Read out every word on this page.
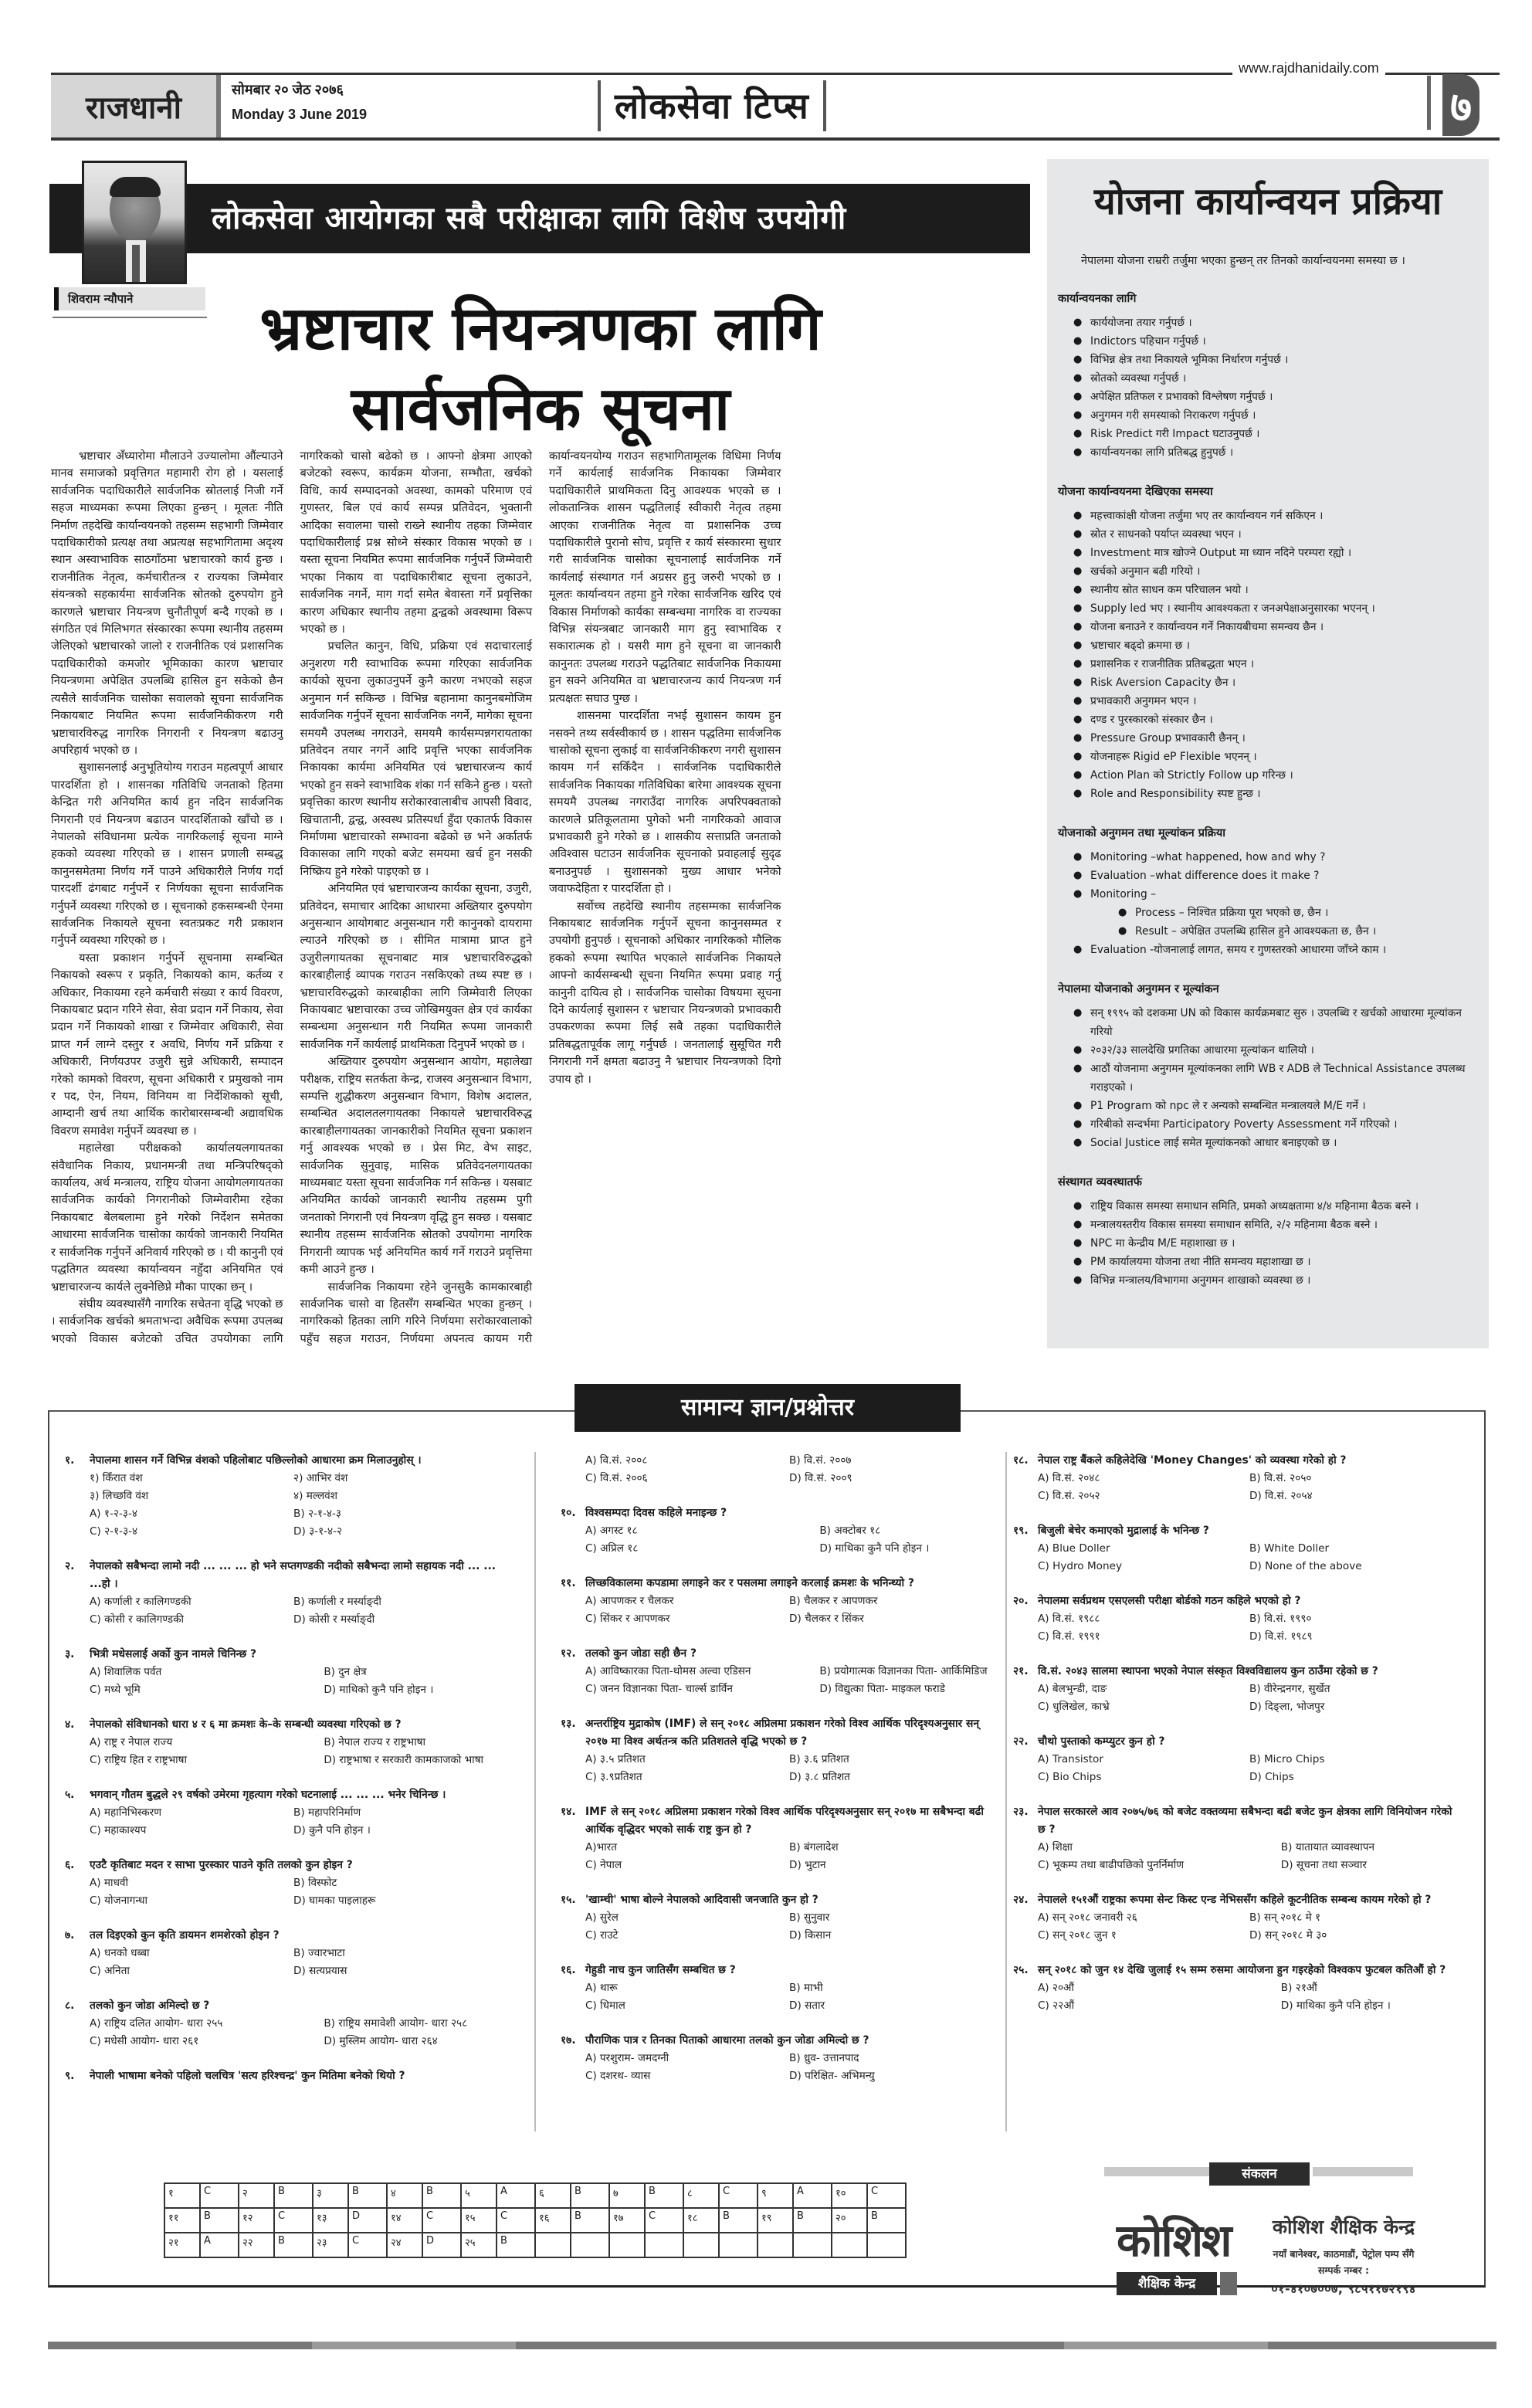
www.rajdhanidaily.com
राजधानी
सोमबार २० जेठ २०७६
Monday 3 June 2019	लोकसेवा टिप्स	७
लोकसेवा आयोगका सबै परीक्षाका लागि विशेष उपयोगी
शिवराम न्यौपाने	भ्रष्टाचार नियन्त्रणका लागि
सार्वजनिक सूचना

भ्रष्टाचार अँध्यारोमा मौलाउने उज्यालोमा औंल्याउने मानव समाजको प्रवृत्तिगत महामारी रोग हो । यसलाई सार्वजनिक पदाधिकारीले सार्वजनिक स्रोतलाई निजी गर्ने सहज माध्यमका रूपमा लिएका हुन्छन् । मूलतः नीति निर्माण तहदेखि कार्यान्वयनको तहसम्म सहभागी जिम्मेवार पदाधिकारीको प्रत्यक्ष तथा अप्रत्यक्ष सहभागितामा अदृश्य स्थान अस्वाभाविक साठगाँठमा भ्रष्टाचारको कार्य हुन्छ । राजनीतिक नेतृत्व, कर्मचारीतन्त्र र राज्यका जिम्मेवार संयन्त्रको सहकार्यमा सार्वजनिक स्रोतको दुरुपयोग हुने कारणले भ्रष्टाचार नियन्त्रण चुनौतीपूर्ण बन्दै गएको छ । संगठित एवं मिलिभगत संस्कारका रूपमा स्थानीय तहसम्म जेलिएको भ्रष्टाचारको जालो र राजनीतिक एवं प्रशासनिक पदाधिकारीको कमजोर भूमिकाका कारण भ्रष्टाचार नियन्त्रणमा अपेक्षित उपलब्धि हासिल हुन सकेको छैन त्यसैले सार्वजनिक चासोका सवालको सूचना सार्वजनिक निकायबाट नियमित रूपमा सार्वजनिकीकरण गरी भ्रष्टाचारविरुद्ध नागरिक निगरानी र नियन्त्रण बढाउनु अपरिहार्य भएको छ ।

सुशासनलाई अनुभूतियोग्य गराउन महत्वपूर्ण आधार पारदर्शिता हो । शासनका गतिविधि जनताको हितमा केन्द्रित गरी अनियमित कार्य हुन नदिन सार्वजनिक निगरानी एवं नियन्त्रण बढाउन पारदर्शिताको खाँचो छ । नेपालको संविधानमा प्रत्येक नागरिकलाई सूचना माग्ने हकको व्यवस्था गरिएको छ । शासन प्रणाली सम्बद्ध कानुनसमेतमा निर्णय गर्ने पाउने अधिकारीले निर्णय गर्दा पारदर्शी ढंगबाट गर्नुपर्ने र निर्णयका सूचना सार्वजनिक गर्नुपर्ने व्यवस्था गरिएको छ । सूचनाको हकसम्बन्धी ऐनमा सार्वजनिक निकायले सूचना स्वतःप्रकट गरी प्रकाशन गर्नुपर्ने व्यवस्था गरिएको छ ।

यस्ता प्रकाशन गर्नुपर्ने सूचनामा सम्बन्धित निकायको स्वरूप र प्रकृति, निकायको काम, कर्तव्य र अधिकार, निकायमा रहने कर्मचारी संख्या र कार्य विवरण, निकायबाट प्रदान गरिने सेवा, सेवा प्रदान गर्ने निकाय, सेवा प्रदान गर्ने निकायको शाखा र जिम्मेवार अधिकारी, सेवा प्राप्त गर्न लाग्ने दस्तुर र अवधि, निर्णय गर्ने प्रक्रिया र अधिकारी, निर्णयउपर उजुरी सुन्ने अधिकारी, सम्पादन गरेको कामको विवरण, सूचना अधिकारी र प्रमुखको नाम र पद, ऐन, नियम, विनियम वा निर्देशिकाको सूची, आम्दानी खर्च तथा आर्थिक कारोबारसम्बन्धी अद्यावधिक विवरण समावेश गर्नुपर्ने व्यवस्था छ ।

महालेखा परीक्षकको कार्यालयलगायतका संवैधानिक निकाय, प्रधानमन्त्री तथा मन्त्रिपरिषद्को कार्यालय, अर्थ मन्त्रालय, राष्ट्रिय योजना आयोगलगायतका सार्वजनिक कार्यको निगरानीको जिम्मेवारीमा रहेका निकायबाट बेलबलामा हुने गरेको निर्देशन समेतका आधारमा सार्वजनिक चासोका कार्यको जानकारी नियमित र सार्वजनिक गर्नुपर्ने अनिवार्य गरिएको छ । यी कानुनी एवं पद्धतिगत व्यवस्था कार्यान्वयन नहुँदा अनियमित एवं भ्रष्टाचारजन्य कार्यले लुक्नेछिप्ने मौका पाएका छन् ।

संघीय व्यवस्थासँगै नागरिक सचेतना वृद्धि भएको छ । सार्वजनिक खर्चको श्रमताभन्दा अवैधिक रूपमा उपलब्ध भएको विकास बजेटको उचित उपयोगका लागि नागरिकको चासो बढेको छ । आफ्नो क्षेत्रमा आएको बजेटको स्वरूप, कार्यक्रम योजना, सम्भौता, खर्चको विधि, कार्य सम्पादनको अवस्था, कामको परिमाण एवं गुणस्तर, बिल एवं कार्य सम्पन्न प्रतिवेदन, भुक्तानी आदिका सवालमा चासो राख्ने स्थानीय तहका जिम्मेवार पदाधिकारीलाई प्रश्न सोध्ने संस्कार विकास भएको छ । यस्ता सूचना नियमित रूपमा सार्वजनिक गर्नुपर्ने जिम्मेवारी भएका निकाय वा पदाधिकारीबाट सूचना लुकाउने, सार्वजनिक नगर्ने, माग गर्दा समेत बेवास्ता गर्ने प्रवृत्तिका कारण अधिकार स्थानीय तहमा द्वन्द्वको अवस्थामा विरूप भएको छ ।

प्रचलित कानुन, विधि, प्रक्रिया एवं सदाचारलाई अनुशरण गरी स्वाभाविक रूपमा गरिएका सार्वजनिक कार्यको सूचना लुकाउनुपर्ने कुनै कारण नभएको सहज अनुमान गर्न सकिन्छ । विभिन्न बहानामा कानुनबमोजिम सार्वजनिक गर्नुपर्ने सूचना सार्वजनिक नगर्ने, मागेका सूचना समयमै उपलब्ध नगराउने, समयमै कार्यसम्पन्नगरायताका प्रतिवेदन तयार नगर्ने आदि प्रवृत्ति भएका सार्वजनिक निकायका कार्यमा अनियमित एवं भ्रष्टाचारजन्य कार्य भएको हुन सक्ने स्वाभाविक शंका गर्न सकिने हुन्छ । यस्तो प्रवृत्तिका कारण स्थानीय सरोकारवालाबीच आपसी विवाद, खिचातानी, द्वन्द्व, अस्वस्थ प्रतिस्पर्धा हुँदा एकातर्फ विकास निर्माणमा भ्रष्टाचारको सम्भावना बढेको छ भने अर्कातर्फ विकासका लागि गएको बजेट समयमा खर्च हुन नसकी निष्क्रिय हुने गरेको पाइएको छ ।

अनियमित एवं भ्रष्टाचारजन्य कार्यका सूचना, उजुरी, प्रतिवेदन, समाचार आदिका आधारमा अख्तियार दुरुपयोग अनुसन्धान आयोगबाट अनुसन्धान गरी कानुनको दायरामा ल्याउने गरिएको छ । सीमित मात्रामा प्राप्त हुने उजुरीलगायतका सूचनाबाट मात्र भ्रष्टाचारविरुद्धको कारबाहीलाई व्यापक गराउन नसकिएको तथ्य स्पष्ट छ । भ्रष्टाचारविरुद्धको कारबाहीका लागि जिम्मेवारी लिएका निकायबाट भ्रष्टाचारका उच्च जोखिमयुक्त क्षेत्र एवं कार्यका सम्बन्धमा अनुसन्धान गरी नियमित रूपमा जानकारी सार्वजनिक गर्ने कार्यलाई प्राथमिकता दिनुपर्ने भएको छ ।

अख्तियार दुरुपयोग अनुसन्धान आयोग, महालेखा परीक्षक, राष्ट्रिय सतर्कता केन्द्र, राजस्व अनुसन्धान विभाग, सम्पत्ति शुद्धीकरण अनुसन्धान विभाग, विशेष अदालत, सम्बन्धित अदालतलगायतका निकायले भ्रष्टाचारविरुद्ध कारबाहीलगायतका जानकारीको नियमित सूचना प्रकाशन गर्नु आवश्यक भएको छ । प्रेस मिट, वेभ साइट, सार्वजनिक सुनुवाइ, मासिक प्रतिवेदनलगायतका माध्यमबाट यस्ता सूचना सार्वजनिक गर्न सकिन्छ । यसबाट अनियमित कार्यको जानकारी स्थानीय तहसम्म पुगी जनताको निगरानी एवं नियन्त्रण वृद्धि हुन सक्छ । यसबाट स्थानीय तहसम्म सार्वजनिक स्रोतको उपयोगमा नागरिक निगरानी व्यापक भई अनियमित कार्य गर्ने गराउने प्रवृत्तिमा कमी आउने हुन्छ ।

सार्वजनिक निकायमा रहेने जुनसुकै कामकारबाही सार्वजनिक चासो वा हितसँग सम्बन्धित भएका हुन्छन् । नागरिकको हितका लागि गरिने निर्णयमा सरोकारवालाको पहुँच सहज गराउन, निर्णयमा अपनत्व कायम गरी कार्यान्वयनयोग्य गराउन सहभागितामूलक विधिमा निर्णय गर्ने कार्यलाई सार्वजनिक निकायका जिम्मेवार पदाधिकारीले प्राथमिकता दिनु आवश्यक भएको छ । लोकतान्त्रिक शासन पद्धतिलाई स्वीकारी नेतृत्व तहमा आएका राजनीतिक नेतृत्व वा प्रशासनिक उच्च पदाधिकारीले पुरानो सोच, प्रवृत्ति र कार्य संस्कारमा सुधार गरी सार्वजनिक चासोका सूचनालाई सार्वजनिक गर्ने कार्यलाई संस्थागत गर्न अग्रसर हुनु जरुरी भएको छ । मूलतः कार्यान्वयन तहमा हुने गरेका सार्वजनिक खरिद एवं विकास निर्माणको कार्यका सम्बन्धमा नागरिक वा राज्यका विभिन्न संयन्त्रबाट जानकारी माग हुनु स्वाभाविक र सकारात्मक हो । यसरी माग हुने सूचना वा जानकारी कानुनतः उपलब्ध गराउने पद्धतिबाट सार्वजनिक निकायमा हुन सक्ने अनियमित वा भ्रष्टाचारजन्य कार्य नियन्त्रण गर्न प्रत्यक्षतः सघाउ पुग्छ ।

शासनमा पारदर्शिता नभई सुशासन कायम हुन नसक्ने तथ्य सर्वस्वीकार्य छ । शासन पद्धतिमा सार्वजनिक चासोको सूचना लुकाई वा सार्वजनिकीकरण नगरी सुशासन कायम गर्न सकिँदैन । सार्वजनिक पदाधिकारीले सार्वजनिक निकायका गतिविधिका बारेमा आवश्यक सूचना समयमै उपलब्ध नगराउँदा नागरिक अपरिपक्वताको कारणले प्रतिकूलतामा पुगेको भनी नागरिकको आवाज प्रभावकारी हुने गरेको छ । शासकीय सत्ताप्रति जनताको अविश्वास घटाउन सार्वजनिक सूचनाको प्रवाहलाई सुदृढ बनाउनुपर्छ । सुशासनको मुख्य आधार भनेको जवाफदेहिता र पारदर्शिता हो ।

सर्वोच्च तहदेखि स्थानीय तहसम्मका सार्वजनिक निकायबाट सार्वजनिक गर्नुपर्ने सूचना कानुनसम्मत र उपयोगी हुनुपर्छ । सूचनाको अधिकार नागरिकको मौलिक हकको रूपमा स्थापित भएकाले सार्वजनिक निकायले आफ्नो कार्यसम्बन्धी सूचना नियमित रूपमा प्रवाह गर्नु कानुनी दायित्व हो । सार्वजनिक चासोका विषयमा सूचना दिने कार्यलाई सुशासन र भ्रष्टाचार नियन्त्रणको प्रभावकारी उपकरणका रूपमा लिई सबै तहका पदाधिकारीले प्रतिबद्धतापूर्वक लागू गर्नुपर्छ । जनतालाई सुसूचित गरी निगरानी गर्ने क्षमता बढाउनु नै भ्रष्टाचार नियन्त्रणको दिगो उपाय हो ।

योजना कार्यान्वयन प्रक्रिया

नेपालमा योजना राम्ररी तर्जुमा भएका हुन्छन् तर तिनको कार्यान्वयनमा समस्या छ ।

कार्यान्वयनका लागि
● कार्ययोजना तयार गर्नुपर्छ ।
● Indictors पहिचान गर्नुपर्छ ।
● विभिन्न क्षेत्र तथा निकायले भूमिका निर्धारण गर्नुपर्छ ।
● स्रोतको व्यवस्था गर्नुपर्छ ।
● अपेक्षित प्रतिफल र प्रभावको विश्लेषण गर्नुपर्छ ।
● अनुगमन गरी समस्याको निराकरण गर्नुपर्छ ।
● Risk Predict गरी Impact घटाउनुपर्छ ।
● कार्यान्वयनका लागि प्रतिबद्ध हुनुपर्छ ।
योजना कार्यान्वयनमा देखिएका समस्या
● महत्त्वाकांक्षी योजना तर्जुमा भए तर कार्यान्वयन गर्न सकिएन ।
● स्रोत र साधनको पर्याप्त व्यवस्था भएन ।
● Investment मात्र खोज्ने Output मा ध्यान नदिने परम्परा रह्यो ।
● खर्चको अनुमान बढी गरियो ।
● स्थानीय स्रोत साधन कम परिचालन भयो ।
● Supply led भए । स्थानीय आवश्यकता र जनअपेक्षाअनुसारका भएनन् ।
● योजना बनाउने र कार्यान्वयन गर्ने निकायबीचमा समन्वय छैन ।
● भ्रष्टाचार बढ्दो क्रममा छ ।
● प्रशासनिक र राजनीतिक प्रतिबद्धता भएन ।
● Risk Aversion Capacity छैन ।
● प्रभावकारी अनुगमन भएन ।
● दण्ड र पुरस्कारको संस्कार छैन ।
● Pressure Group प्रभावकारी छैनन् ।
● योजनाहरू Rigid eP Flexible भएनन् ।
● Action Plan को Strictly Follow up गरिन्छ ।
● Role and Responsibility स्पष्ट हुन्छ ।
योजनाको अनुगमन तथा मूल्यांकन प्रक्रिया
● Monitoring –what happened, how and why ?
● Evaluation –what difference does it make ?
● Monitoring –
● Process – निश्चित प्रक्रिया पूरा भएको छ, छैन ।
● Result – अपेक्षित उपलब्धि हासिल हुने आवश्यकता छ, छैन ।
● Evaluation -योजनालाई लागत, समय र गुणस्तरको आधारमा जाँच्ने काम ।
नेपालमा योजनाको अनुगमन र मूल्यांकन
● सन् १९९५ को दशकमा UN को विकास कार्यक्रमबाट सुरु । उपलब्धि र खर्चको आधारमा मूल्यांकन गरियो
● २०३२/३३ सालदेखि प्रगतिका आधारमा मूल्यांकन थालियो ।
● आठौं योजनामा अनुगमन मूल्यांकनका लागि WB र ADB ले Technical Assistance उपलब्ध गराइएको ।
● P1 Program को npc ले र अन्यको सम्बन्धित मन्त्रालयले M/E गर्ने ।
● गरिबीको सन्दर्भमा Participatory Poverty Assessment गर्ने गरिएको ।
● Social Justice लाई समेत मूल्यांकनको आधार बनाइएको छ ।
संस्थागत व्यवस्थातर्फ
● राष्ट्रिय विकास समस्या समाधान समिति, प्रमको अध्यक्षतामा ४/४ महिनामा बैठक बस्ने ।
● मन्त्रालयस्तरीय विकास समस्या समाधान समिति, २/२ महिनामा बैठक बस्ने ।
● NPC मा केन्द्रीय M/E महाशाखा छ ।
● PM कार्यालयमा योजना तथा नीति समन्वय महाशाखा छ ।
● विभिन्न मन्त्रालय/विभागमा अनुगमन शाखाको व्यवस्था छ ।
सामान्य ज्ञान/प्रश्नोत्तर
१.	नेपालमा शासन गर्ने विभिन्न वंशको पहिलोबाट पछिल्लोको आधारमा क्रम मिलाउनुहोस् ।
१) किँरात वंश	२) आभिर वंश
३) लिच्छवि वंश	४) मल्लवंश
A) १-२-३-४	B) २-१-४-३
C) २-१-३-४	D) ३-१-४-२
२.	नेपालको सबैभन्दा लामो नदी ... ... ... हो भने सप्तगण्डकी नदीको सबैभन्दा लामो सहायक नदी ... ... ...हो ।
A) कर्णाली र कालिगण्डकी	B) कर्णाली र मर्स्याङ्दी
C) कोसी र कालिगण्डकी	D) कोसी र मर्स्याङ्दी
३.	भित्री मधेसलाई अर्को कुन नामले चिनिन्छ ?
A) शिवालिक पर्वत	B) दुन क्षेत्र
C) मध्ये भूमि	D) माथिको कुनै पनि होइन ।
४.	नेपालको संविधानको धारा ४ र ६ मा क्रमशः के–के सम्बन्धी व्यवस्था गरिएको छ ?
A) राष्ट्र र नेपाल राज्य	B) नेपाल राज्य र राष्ट्रभाषा
C) राष्ट्रिय हित र राष्ट्रभाषा	D) राष्ट्रभाषा र सरकारी कामकाजको भाषा
५.	भगवान् गौतम बुद्धले २९ वर्षको उमेरमा गृहत्याग गरेको घटनालाई ... ... ... भनेर चिनिन्छ ।
A) महानिभिस्करण	B) महापरिनिर्माण
C) महाकाश्यप	D) कुनै पनि होइन ।
६.	एउटै कृतिबाट मदन र साभा पुरस्कार पाउने कृति तलको कुन होइन ?
A) माधवी	B) विस्फोट
C) योजनागन्धा	D) घामका पाइलाहरू
७.	तल दिइएको कुन कृति डायमन शमशेरको होइन ?
A) धनको धब्बा	B) ज्वारभाटा
C) अनिता	D) सत्यप्रयास
८.	तलको कुन जोडा अमिल्दो छ ?
A) राष्ट्रिय दलित आयोग- धारा २५५	B) राष्ट्रिय समावेशी आयोग- धारा २५८
C) मधेसी आयोग- धारा २६१	D) मुस्लिम आयोग- धारा २६४
९.	नेपाली भाषामा बनेको पहिलो चलचित्र 'सत्य हरिश्चन्द्र' कुन मितिमा बनेको थियो ?
A) वि.सं. २००८	B) वि.सं. २००७
C) वि.सं. २००६	D) वि.सं. २००९
१०. विश्वसम्पदा दिवस कहिले मनाइन्छ ?
A) अगस्ट १८	B) अक्टोबर १८
C) अप्रिल १८	D) माथिका कुनै पनि होइन ।
११. लिच्छविकालमा कपडामा लगाइने कर र पसलमा लगाइने करलाई क्रमशः के भनिन्थ्यो ?
A) आपणकर र चैलकर	B) चैलकर र आपणकर
C) सिंकर र आपणकर	D) चैलकर र सिंकर
१२. तलको कुन जोडा सही छैन ?
A) आविष्कारका पिता-थोमस अल्वा एडिसन	B) प्रयोगात्मक विज्ञानका पिता- आर्किमिडिज
C) जनन विज्ञानका पिता- चार्ल्स डार्विन	D) विद्युत्का पिता- माइकल फराडे
१३. अन्तर्राष्ट्रिय मुद्राकोष (IMF) ले सन् २०१८ अप्रिलमा प्रकाशन गरेको विश्व आर्थिक परिदृश्यअनुसार सन् २०१७ मा विश्व अर्थतन्त्र कति प्रतिशतले वृद्धि भएको छ ?
A) ३.५ प्रतिशत	B) ३.६ प्रतिशत
C) ३.९प्रतिशत	D) ३.८ प्रतिशत
१४. IMF ले सन् २०१८ अप्रिलमा प्रकाशन गरेको विश्व आर्थिक परिदृश्यअनुसार सन् २०१७ मा सबैभन्दा बढी आर्थिक वृद्धिदर भएको सार्क राष्ट्र कुन हो ?
A)भारत	B) बंगलादेश
C) नेपाल	D) भुटान
१५. 'खाम्ची' भाषा बोल्ने नेपालको आदिवासी जनजाति कुन हो ?
A) सुरेल	B) सुनुवार
C) राउटे	D) किसान
१६. गेहुडी नाच कुन जातिसँग सम्बधित छ ?
A) थारू	B) माभी
C) धिमाल	D) सतार
१७. पौराणिक पात्र र तिनका पिताको आधारमा तलको कुन जोडा अमिल्दो छ ?
A) परशुराम- जमदग्नी	B) ध्रुव- उत्तानपाद
C) दशरथ- व्यास	D) परिक्षित- अभिमन्यु
१८. नेपाल राष्ट्र बैंकले कहिलेदेखि 'Money Changes' को व्यवस्था गरेको हो ?
A) वि.सं. २०४८	B) वि.सं. २०५०
C) वि.सं. २०५२	D) वि.सं. २०५४
१९. बिजुली बेचेर कमाएको मुद्रालाई के भनिन्छ ?
A) Blue Doller	B) White Doller
C) Hydro Money	D) None of the above
२०. नेपालमा सर्वप्रथम एसएलसी परीक्षा बोर्डको गठन कहिले भएको हो ?
A) वि.सं. १९८८	B) वि.सं. १९९०
C) वि.सं. १९९१	D) वि.सं. १९८९
२१. वि.सं. २०४३ सालमा स्थापना भएको नेपाल संस्कृत विश्वविद्यालय कुन ठाउँमा रहेको छ ?
A) बेलभुन्डी, दाङ	B) वीरेन्द्रनगर, सुर्खेत
C) धुलिखेल, काभ्रे	D) दिङ्ला, भोजपुर
२२. चौथो पुस्ताको कम्प्युटर कुन हो ?
A) Transistor	B) Micro Chips
C) Bio Chips	D) Chips
२३. नेपाल सरकारले आव २०७५/७६ को बजेट वक्तव्यमा सबैभन्दा बढी बजेट कुन क्षेत्रका लागि विनियोजन गरेको छ ?
A) शिक्षा	B) यातायात व्यावस्थापन
C) भूकम्प तथा बाढीपछिको पुनर्निर्माण	D) सूचना तथा सञ्चार
२४. नेपालले १५१औं राष्ट्रका रूपमा सेन्ट किस्ट एन्ड नेभिससँग कहिले कूटनीतिक सम्बन्ध कायम गरेको हो ?
A) सन् २०१८ जनावरी २६	B) सन् २०१८ मे १
C) सन् २०१८ जुन १	D) सन् २०१८ मे ३०
२५. सन् २०१८ को जुन १४ देखि जुलाई १५ सम्म रुसमा आयोजना हुन गइरहेको विश्वकप फुटबल कतिऔं हो ?
A) २०औं	B) २१औं
C) २२औं	D) माथिका कुनै पनि होइन ।
१	C	२	B	३	B	४	B	५	A	६	B	७	B	८	C	९	A	१०	C
११	B	१२	C	१३	D	१४	C	१५	C	१६	B	१७	C	१८	B	१९	B	२०	B
२१	A	२२	B	२३	C	२४	D	२५	B										
संकलन
कोशिश
शैक्षिक केन्द्र
कोशिश शैक्षिक केन्द्र
नयाँ बानेश्वर, काठमाडौं, पेट्रोल पम्प सँगै
सम्पर्क नम्बर :
०१-४१०७००७, ९८५११७२१९४
